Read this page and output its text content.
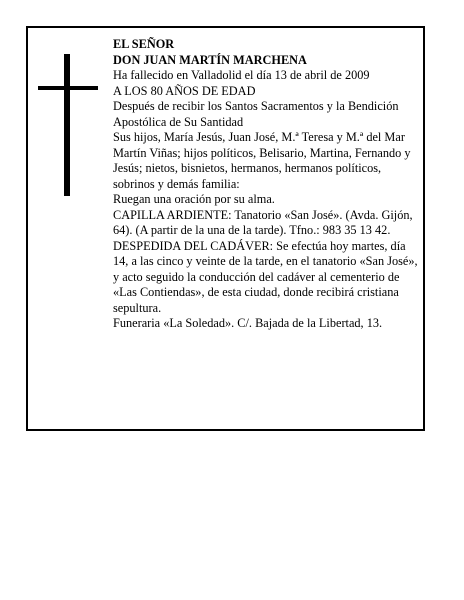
EL SEÑOR

DON JUAN MARTÍN MARCHENA

Ha fallecido en Valladolid el día 13 de abril de 2009

A LOS 80 AÑOS DE EDAD

Después de recibir los Santos Sacramentos y la Bendición Apostólica de Su Santidad

Sus hijos, María Jesús, Juan José, M.ª Teresa y M.ª del Mar Martín Viñas; hijos políticos, Belisario, Martina, Fernando y Jesús; nietos, bisnietos, hermanos, hermanos políticos, sobrinos y demás familia:

Ruegan una oración por su alma.

CAPILLA ARDIENTE: Tanatorio «San José». (Avda. Gijón, 64). (A partir de la una de la tarde). Tfno.: 983 35 13 42.

DESPEDIDA DEL CADÁVER: Se efectúa hoy martes, día 14, a las cinco y veinte de la tarde, en el tanatorio «San José», y acto seguido la conducción del cadáver al cementerio de «Las Contiendas», de esta ciudad, donde recibirá cristiana sepultura.

Funeraria «La Soledad». C/. Bajada de la Libertad, 13.
